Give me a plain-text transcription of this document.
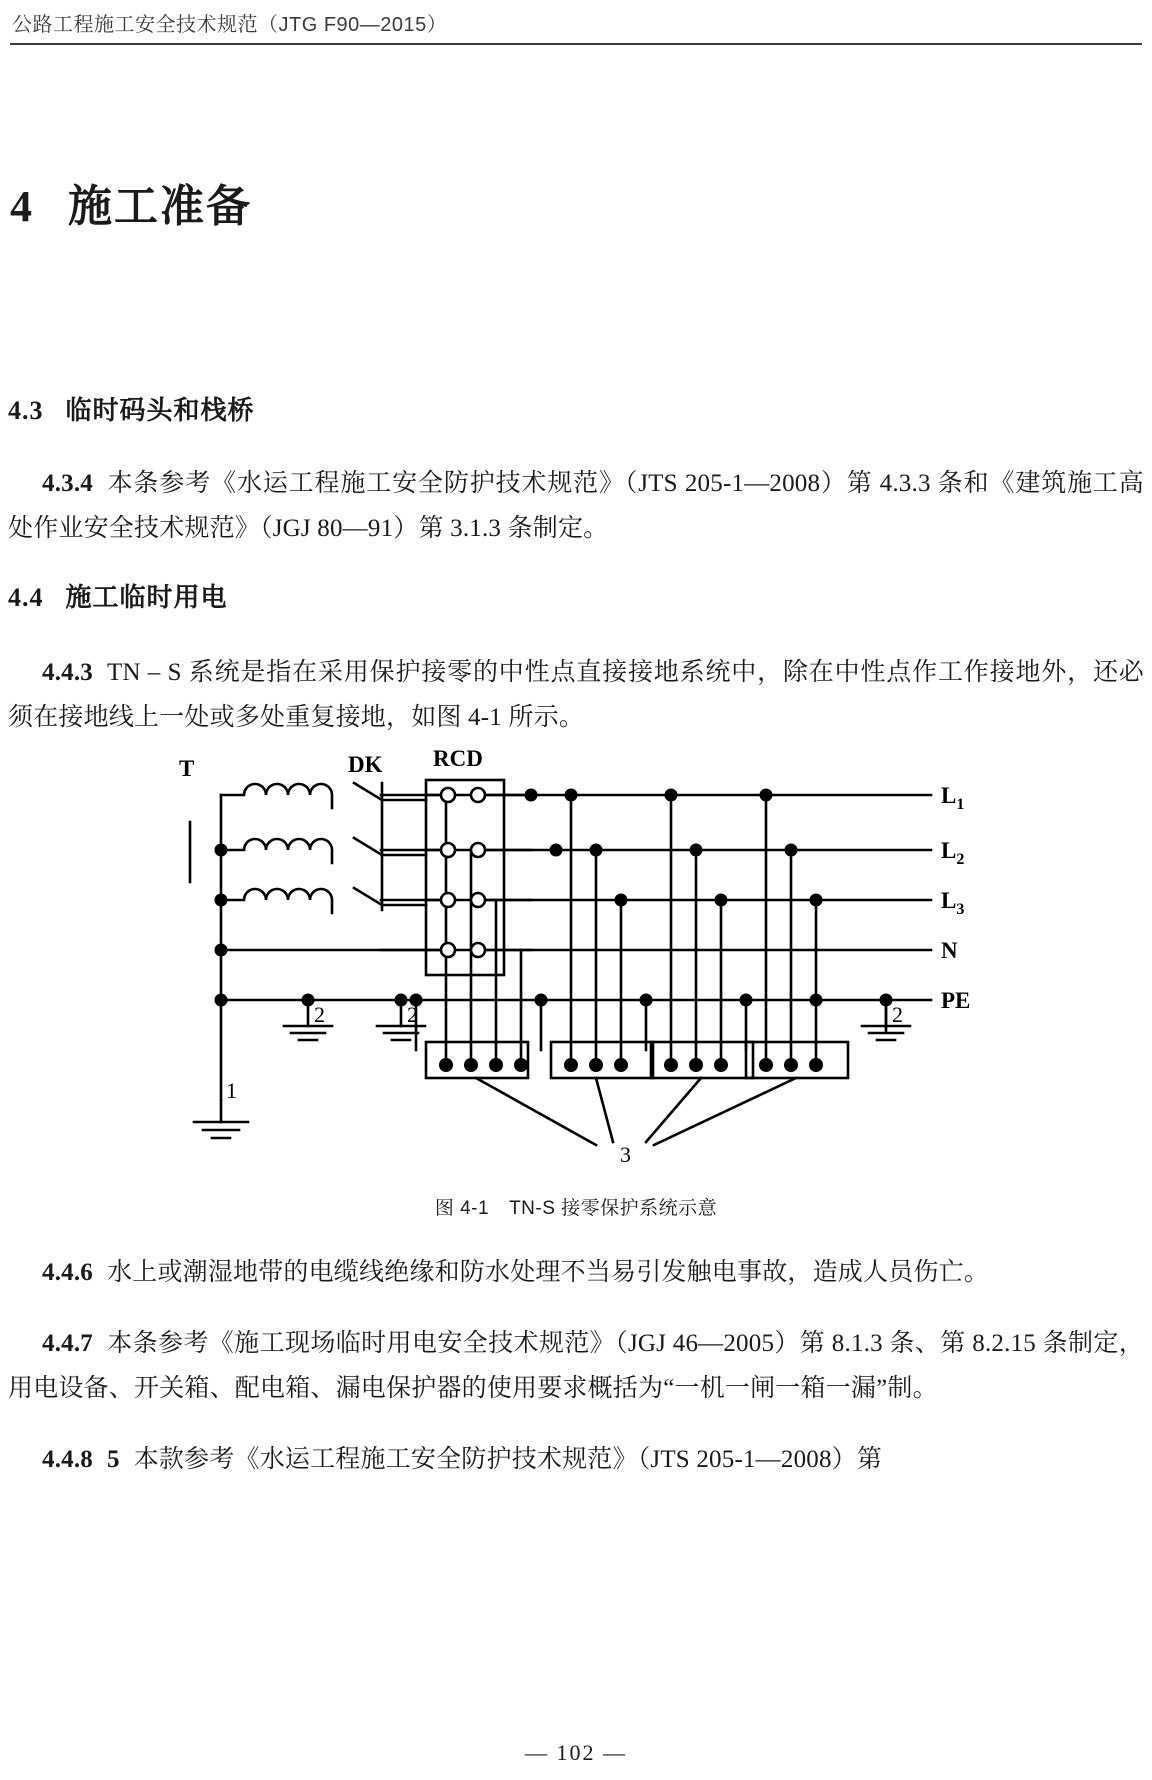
公路工程施工安全技术规范（JTG F90—2015）
4 施工准备
4.3 临时码头和栈桥

4.3.4 本条参考《水运工程施工安全防护技术规范》（JTS 205-1—2008）第 4.3.3 条和《建筑施工高处作业安全技术规范》（JGJ 80—91）第 3.1.3 条制定。

4.4 施工临时用电

4.4.3 TN – S 系统是指在采用保护接零的中性点直接接地系统中，除在中性点作工作接地外，还必须在接地线上一处或多处重复接地，如图 4-1 所示。

T	DK RCD
$L_1$
$L_2$
$L_3$
N
PE
1
2	2	2
3
图 4-1 TN-S 接零保护系统示意

4.4.6 水上或潮湿地带的电缆线绝缘和防水处理不当易引发触电事故，造成人员伤亡。

4.4.7 本条参考《施工现场临时用电安全技术规范》（JGJ 46—2005）第 8.1.3 条、第 8.2.15 条制定，用电设备、开关箱、配电箱、漏电保护器的使用要求概括为“一机一闸一箱一漏”制。

4.4.8 5 本款参考《水运工程施工安全防护技术规范》（JTS 205-1—2008）第

— 102 —
